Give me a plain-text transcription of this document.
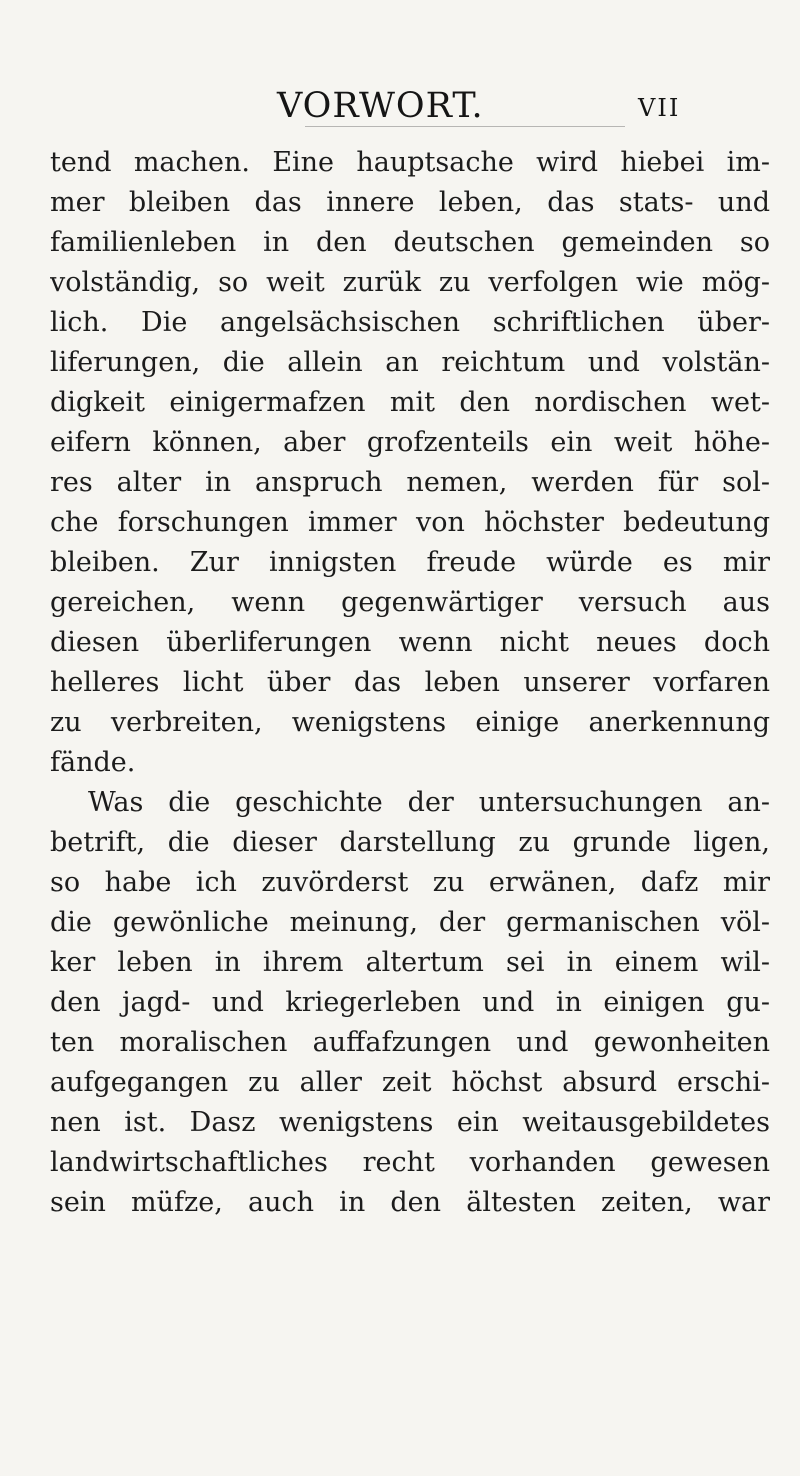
VORWORT.	VII
tend machen. Eine hauptsache wird hiebei im-
mer bleiben das innere leben, das stats- und
familienleben in den deutschen gemeinden so
volständig, so weit zurük zu verfolgen wie mög-
lich. Die angelsächsischen schriftlichen über-
liferungen, die allein an reichtum und volstän-
digkeit einigermafzen mit den nordischen wet-
eifern können, aber grofzenteils ein weit höhe-
res alter in anspruch nemen, werden für sol-
che forschungen immer von höchster bedeutung
bleiben. Zur innigsten freude würde es mir
gereichen, wenn gegenwärtiger versuch aus
diesen überliferungen wenn nicht neues doch
helleres licht über das leben unserer vorfaren
zu verbreiten, wenigstens einige anerkennung
fände.
Was die geschichte der untersuchungen an-
betrift, die dieser darstellung zu grunde ligen,
so habe ich zuvörderst zu erwänen, dafz mir
die gewönliche meinung, der germanischen völ-
ker leben in ihrem altertum sei in einem wil-
den jagd- und kriegerleben und in einigen gu-
ten moralischen auffafzungen und gewonheiten
aufgegangen zu aller zeit höchst absurd erschi-
nen ist. Dasz wenigstens ein weitausgebildetes
landwirtschaftliches recht vorhanden gewesen
sein müfze, auch in den ältesten zeiten, war
